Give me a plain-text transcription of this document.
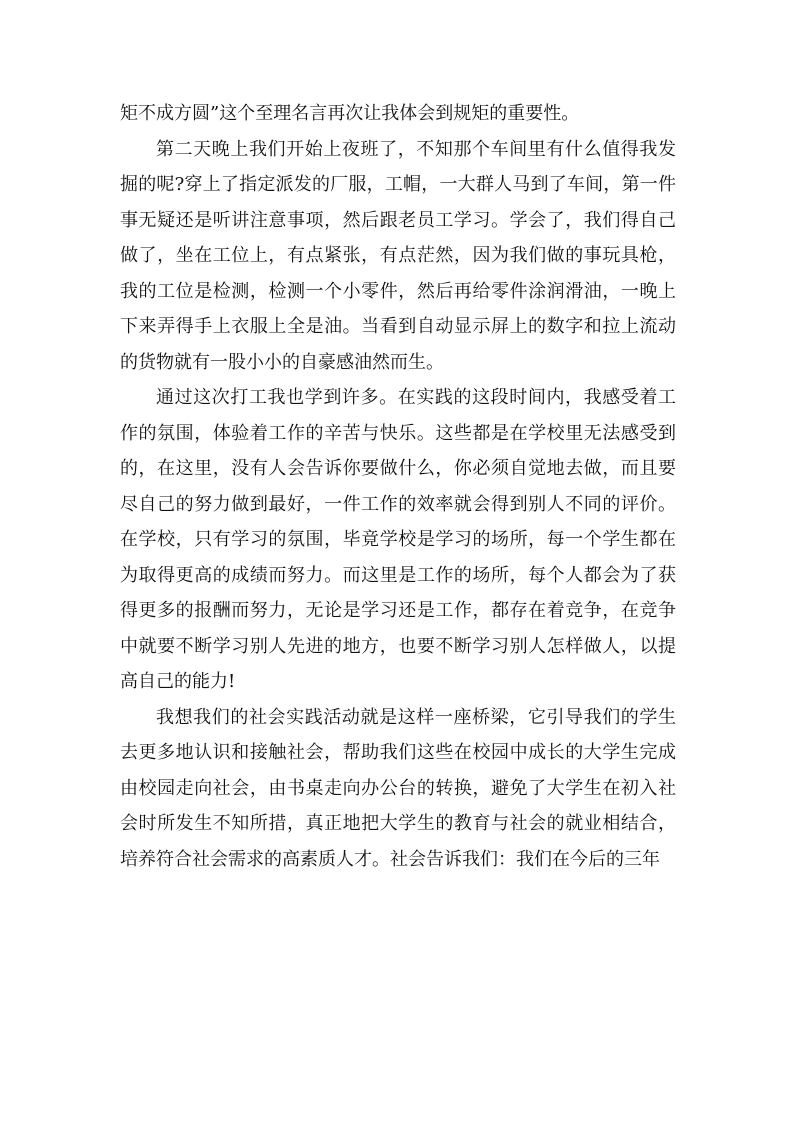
矩不成方圆”这个至理名言再次让我体会到规矩的重要性。

第二天晚上我们开始上夜班了，不知那个车间里有什么值得我发掘的呢?穿上了指定派发的厂服，工帽，一大群人马到了车间，第一件事无疑还是听讲注意事项，然后跟老员工学习。学会了，我们得自己做了，坐在工位上，有点紧张，有点茫然，因为我们做的事玩具枪，我的工位是检测，检测一个小零件，然后再给零件涂润滑油，一晚上下来弄得手上衣服上全是油。当看到自动显示屏上的数字和拉上流动的货物就有一股小小的自豪感油然而生。

通过这次打工我也学到许多。在实践的这段时间内，我感受着工作的氛围，体验着工作的辛苦与快乐。这些都是在学校里无法感受到的，在这里，没有人会告诉你要做什么，你必须自觉地去做，而且要尽自己的努力做到最好，一件工作的效率就会得到别人不同的评价。在学校，只有学习的氛围，毕竟学校是学习的场所，每一个学生都在为取得更高的成绩而努力。而这里是工作的场所，每个人都会为了获得更多的报酬而努力，无论是学习还是工作，都存在着竞争，在竞争中就要不断学习别人先进的地方，也要不断学习别人怎样做人，以提高自己的能力!

我想我们的社会实践活动就是这样一座桥梁，它引导我们的学生去更多地认识和接触社会，帮助我们这些在校园中成长的大学生完成由校园走向社会，由书桌走向办公台的转换，避免了大学生在初入社会时所发生不知所措，真正地把大学生的教育与社会的就业相结合，培养符合社会需求的高素质人才。社会告诉我们：我们在今后的三年
